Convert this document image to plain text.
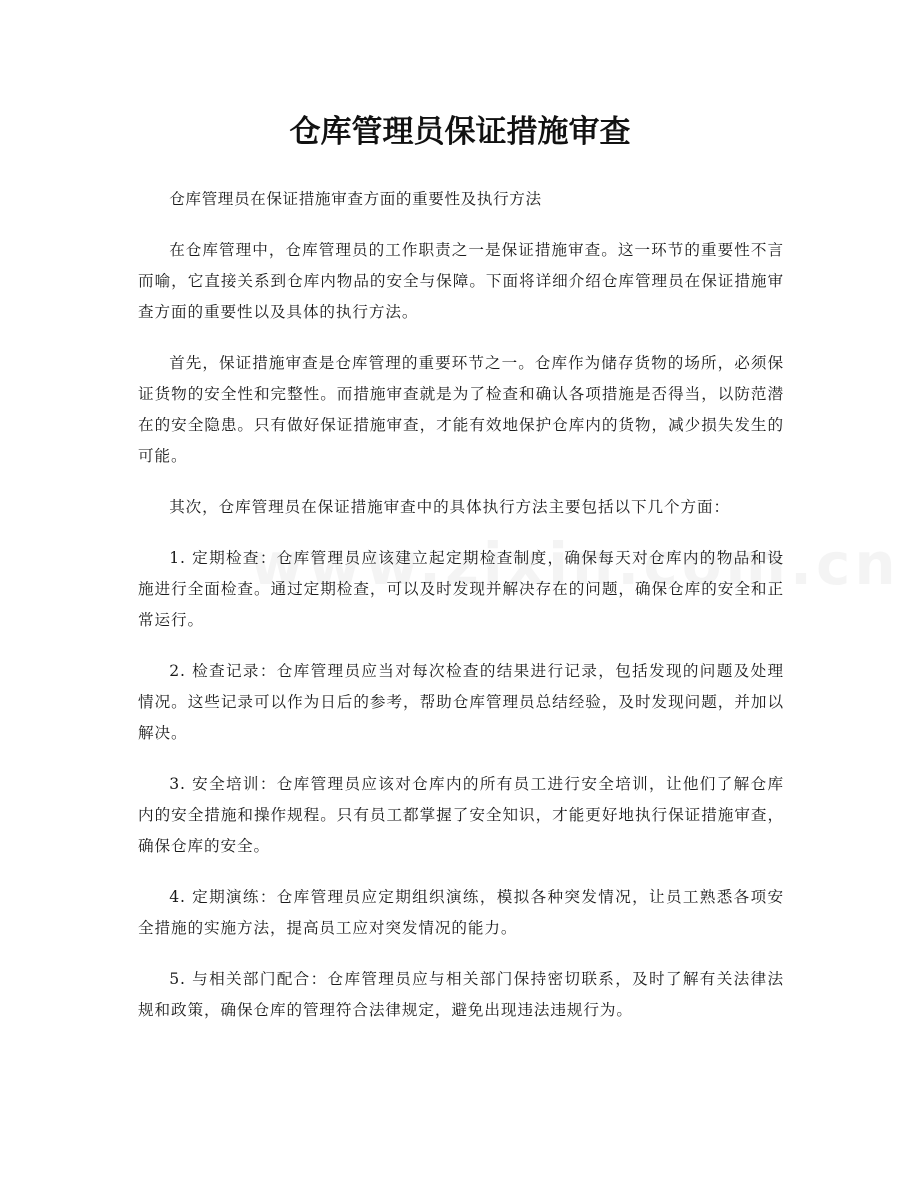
仓库管理员保证措施审查

仓库管理员在保证措施审查方面的重要性及执行方法

在仓库管理中，仓库管理员的工作职责之一是保证措施审查。这一环节的重要性不言而喻，它直接关系到仓库内物品的安全与保障。下面将详细介绍仓库管理员在保证措施审查方面的重要性以及具体的执行方法。

首先，保证措施审查是仓库管理的重要环节之一。仓库作为储存货物的场所，必须保证货物的安全性和完整性。而措施审查就是为了检查和确认各项措施是否得当，以防范潜在的安全隐患。只有做好保证措施审查，才能有效地保护仓库内的货物，减少损失发生的可能。

其次，仓库管理员在保证措施审查中的具体执行方法主要包括以下几个方面：

1. 定期检查：仓库管理员应该建立起定期检查制度，确保每天对仓库内的物品和设施进行全面检查。通过定期检查，可以及时发现并解决存在的问题，确保仓库的安全和正常运行。

2. 检查记录：仓库管理员应当对每次检查的结果进行记录，包括发现的问题及处理情况。这些记录可以作为日后的参考，帮助仓库管理员总结经验，及时发现问题，并加以解决。

3. 安全培训：仓库管理员应该对仓库内的所有员工进行安全培训，让他们了解仓库内的安全措施和操作规程。只有员工都掌握了安全知识，才能更好地执行保证措施审查，确保仓库的安全。

4. 定期演练：仓库管理员应定期组织演练，模拟各种突发情况，让员工熟悉各项安全措施的实施方法，提高员工应对突发情况的能力。

5. 与相关部门配合：仓库管理员应与相关部门保持密切联系，及时了解有关法律法规和政策，确保仓库的管理符合法律规定，避免出现违法违规行为。
